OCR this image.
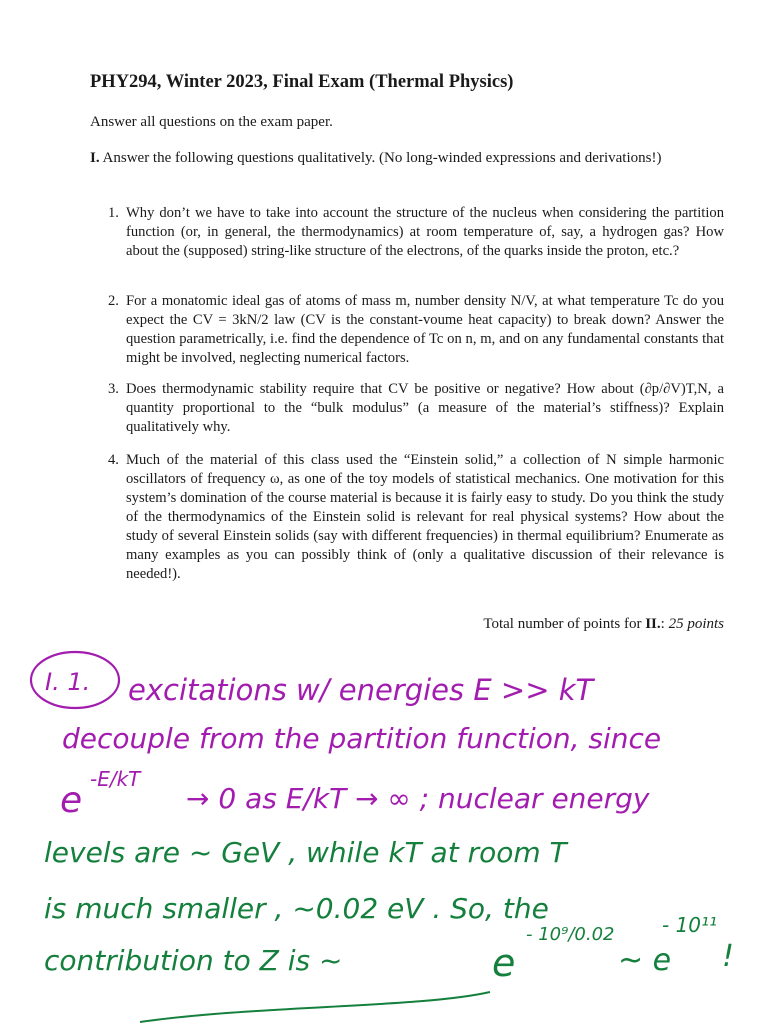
PHY294, Winter 2023, Final Exam (Thermal Physics)
Answer all questions on the exam paper.
I. Answer the following questions qualitatively. (No long-winded expressions and derivations!)
1. Why don’t we have to take into account the structure of the nucleus when considering the partition function (or, in general, the thermodynamics) at room temperature of, say, a hydrogen gas? How about the (supposed) string-like structure of the electrons, of the quarks inside the proton, etc.?
2. For a monatomic ideal gas of atoms of mass m, number density N/V, at what temperature Tc do you expect the CV = 3kN/2 law (CV is the constant-voume heat capacity) to break down? Answer the question parametrically, i.e. find the dependence of Tc on n, m, and on any fundamental constants that might be involved, neglecting numerical factors.
3. Does thermodynamic stability require that CV be positive or negative? How about (∂p/∂V)T,N, a quantity proportional to the “bulk modulus” (a measure of the material’s stiffness)? Explain qualitatively why.
4. Much of the material of this class used the “Einstein solid,” a collection of N simple harmonic oscillators of frequency ω, as one of the toy models of statistical mechanics. One motivation for this system’s domination of the course material is because it is fairly easy to study. Do you think the study of the thermodynamics of the Einstein solid is relevant for real physical systems? How about the study of several Einstein solids (say with different frequencies) in thermal equilibrium? Enumerate as many examples as you can possibly think of (only a qualitative discussion of their relevance is needed!).
Total number of points for II.: 25 points
I. 1. excitations w/ energies E >> kT
decouple from the partition function, since
e
-E/kT
→ 0 as E/kT → ∞ ; nuclear energy
levels are ~ GeV , while kT at room T
is much smaller , ~0.02 eV . So, the
contribution to Z is ~	e
- 10⁹/0.02
~ e
- 10¹¹
!
